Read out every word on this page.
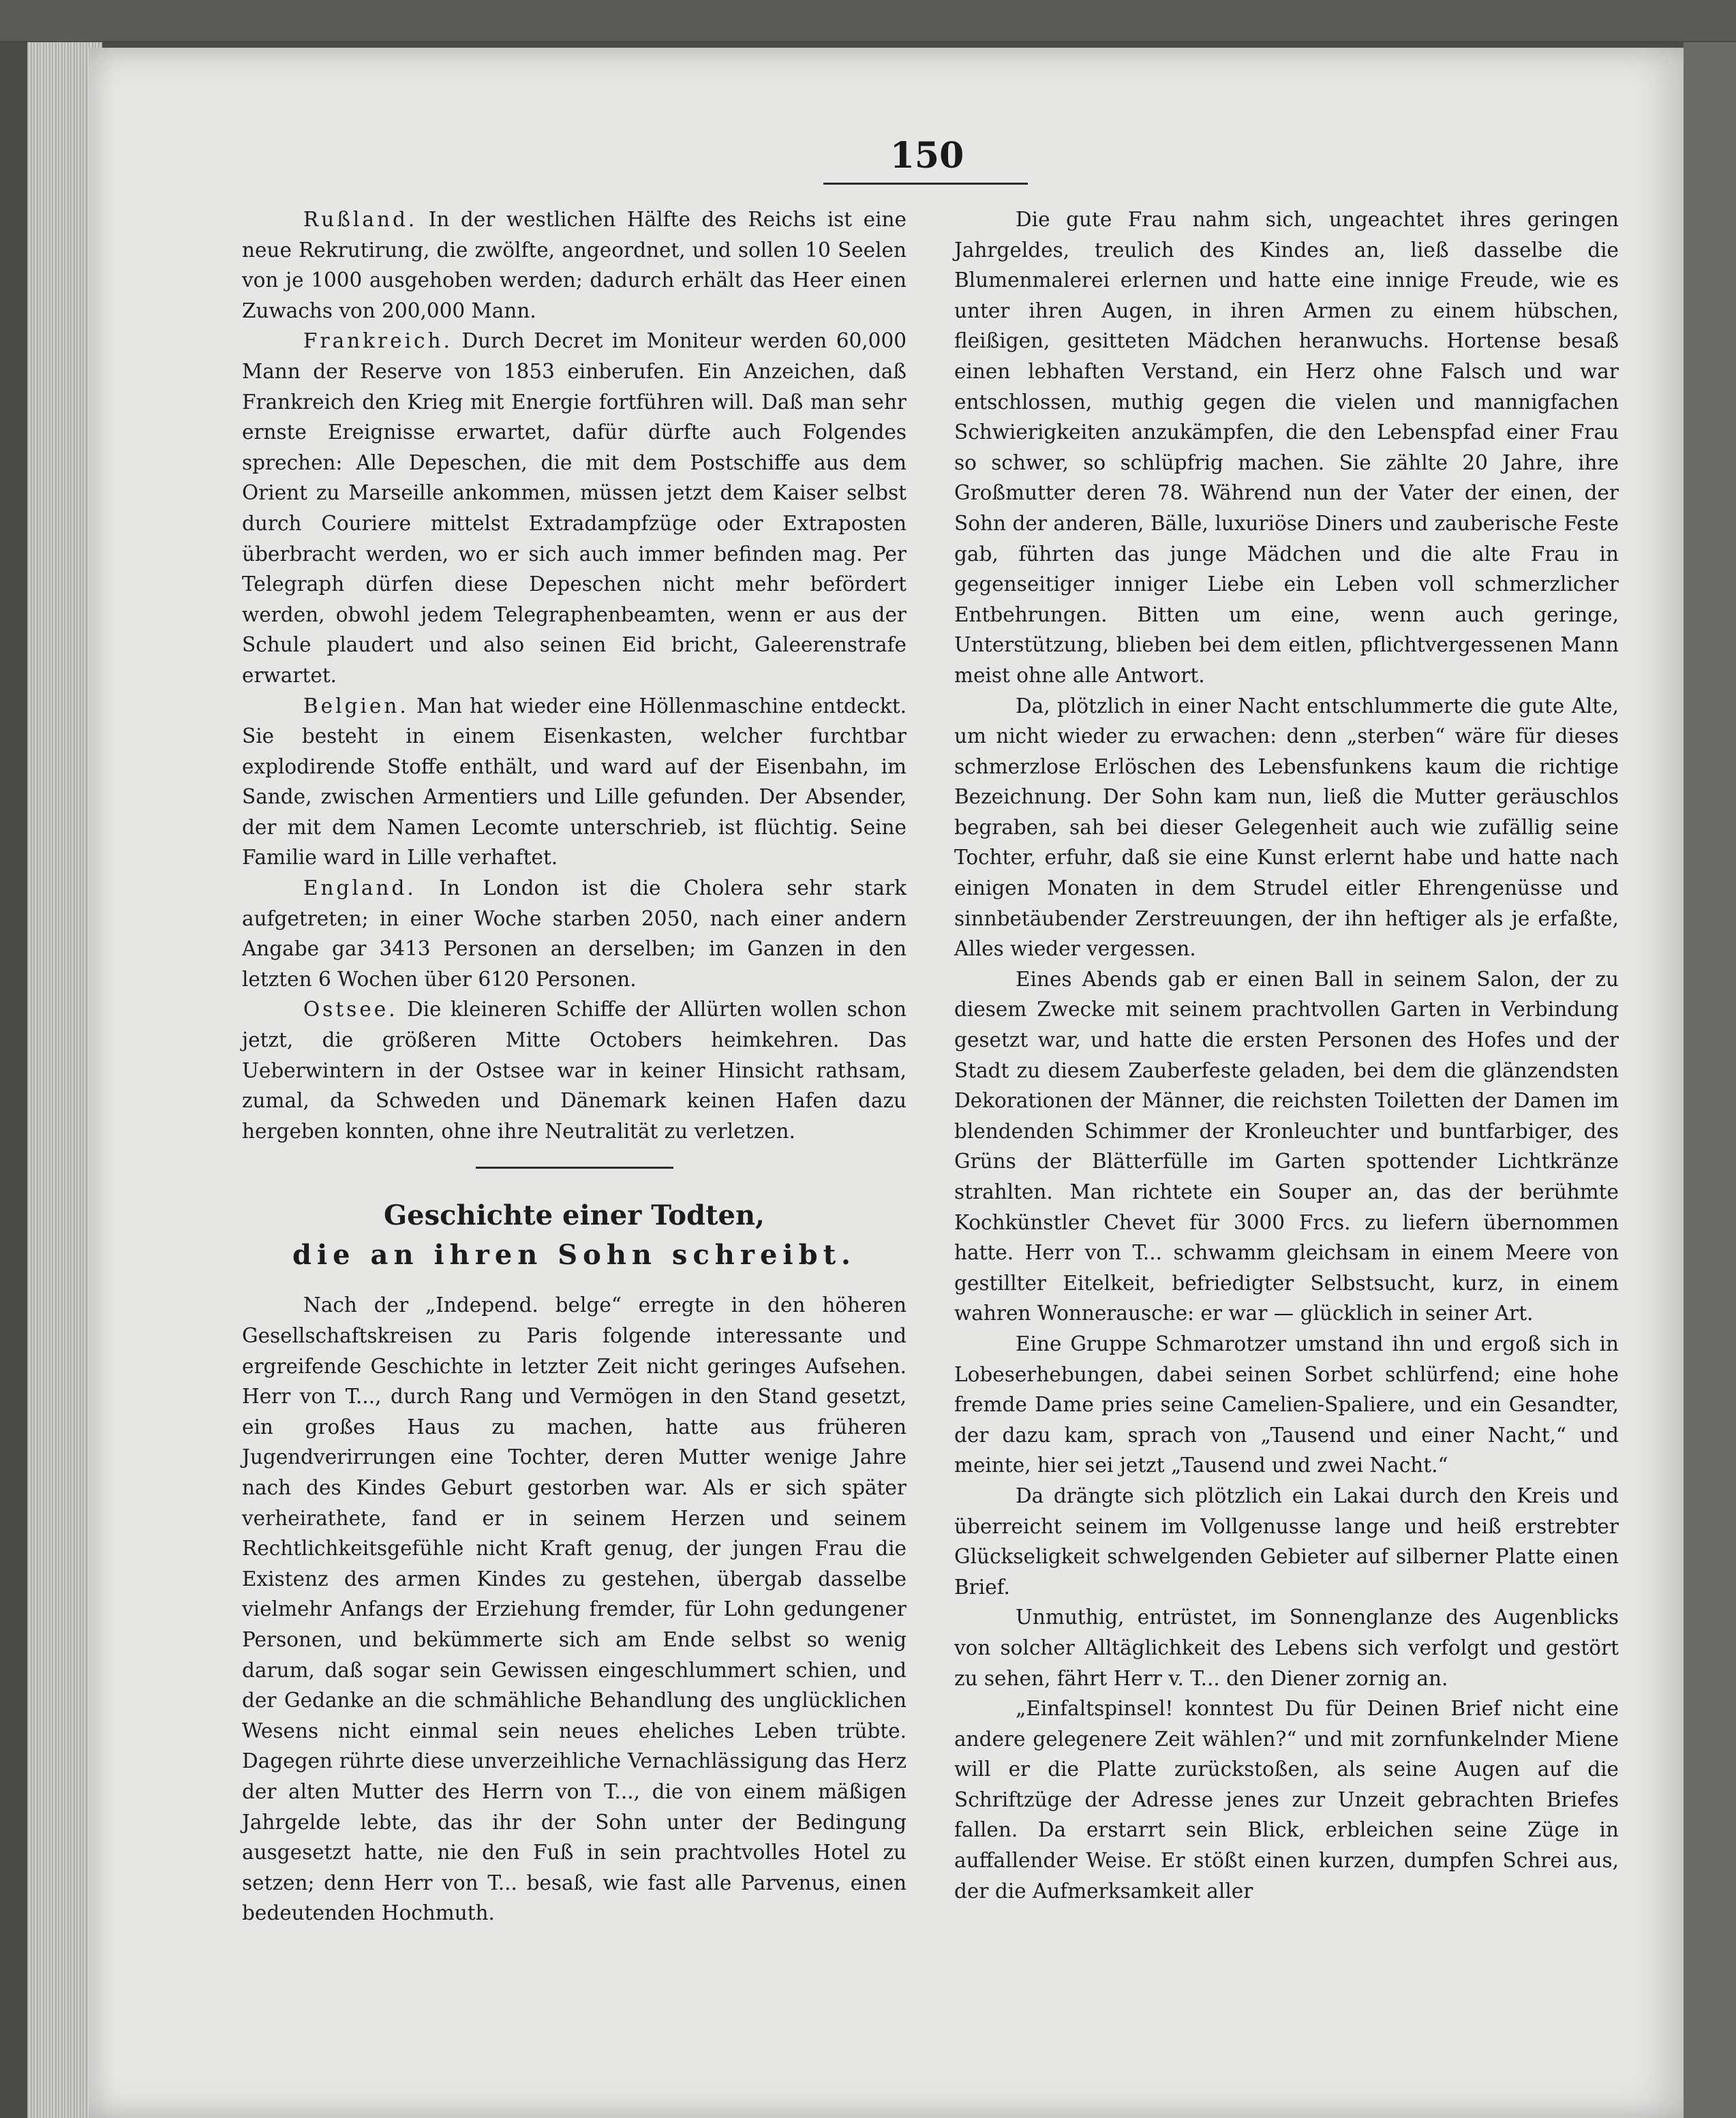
150

Rußland. In der westlichen Hälfte des Reichs ist eine neue Rekrutirung, die zwölfte, angeordnet, und sollen 10 Seelen von je 1000 ausgehoben werden; dadurch erhält das Heer einen Zuwachs von 200,000 Mann.

Frankreich. Durch Decret im Moniteur werden 60,000 Mann der Reserve von 1853 einberufen. Ein Anzeichen, daß Frankreich den Krieg mit Energie fortführen will. Daß man sehr ernste Ereignisse erwartet, dafür dürfte auch Folgendes sprechen: Alle Depeschen, die mit dem Postschiffe aus dem Orient zu Marseille ankommen, müssen jetzt dem Kaiser selbst durch Couriere mittelst Extradampfzüge oder Extraposten überbracht werden, wo er sich auch immer befinden mag. Per Telegraph dürfen diese Depeschen nicht mehr befördert werden, obwohl jedem Telegraphenbeamten, wenn er aus der Schule plaudert und also seinen Eid bricht, Galeerenstrafe erwartet.

Belgien. Man hat wieder eine Höllenmaschine entdeckt. Sie besteht in einem Eisenkasten, welcher furchtbar explodirende Stoffe enthält, und ward auf der Eisenbahn, im Sande, zwischen Armentiers und Lille gefunden. Der Absender, der mit dem Namen Lecomte unterschrieb, ist flüchtig. Seine Familie ward in Lille verhaftet.

England. In London ist die Cholera sehr stark aufgetreten; in einer Woche starben 2050, nach einer andern Angabe gar 3413 Personen an derselben; im Ganzen in den letzten 6 Wochen über 6120 Personen.

Ostsee. Die kleineren Schiffe der Allürten wollen schon jetzt, die größeren Mitte Octobers heimkehren. Das Ueberwintern in der Ostsee war in keiner Hinsicht rathsam, zumal, da Schweden und Dänemark keinen Hafen dazu hergeben konnten, ohne ihre Neutralität zu verletzen.

Geschichte einer Todten,

die an ihren Sohn schreibt.

Nach der „Independ. belge“ erregte in den höheren Gesellschaftskreisen zu Paris folgende interessante und ergreifende Geschichte in letzter Zeit nicht geringes Aufsehen. Herr von T..., durch Rang und Vermögen in den Stand gesetzt, ein großes Haus zu machen, hatte aus früheren Jugendverirrungen eine Tochter, deren Mutter wenige Jahre nach des Kindes Geburt gestorben war. Als er sich später verheirathete, fand er in seinem Herzen und seinem Rechtlichkeitsgefühle nicht Kraft genug, der jungen Frau die Existenz des armen Kindes zu gestehen, übergab dasselbe vielmehr Anfangs der Erziehung fremder, für Lohn gedungener Personen, und bekümmerte sich am Ende selbst so wenig darum, daß sogar sein Gewissen eingeschlummert schien, und der Gedanke an die schmähliche Behandlung des unglücklichen Wesens nicht einmal sein neues eheliches Leben trübte. Dagegen rührte diese unverzeihliche Vernachlässigung das Herz der alten Mutter des Herrn von T..., die von einem mäßigen Jahrgelde lebte, das ihr der Sohn unter der Bedingung ausgesetzt hatte, nie den Fuß in sein prachtvolles Hotel zu setzen; denn Herr von T... besaß, wie fast alle Parvenus, einen bedeutenden Hochmuth.

Die gute Frau nahm sich, ungeachtet ihres geringen Jahrgeldes, treulich des Kindes an, ließ dasselbe die Blumenmalerei erlernen und hatte eine innige Freude, wie es unter ihren Augen, in ihren Armen zu einem hübschen, fleißigen, gesitteten Mädchen heranwuchs. Hortense besaß einen lebhaften Verstand, ein Herz ohne Falsch und war entschlossen, muthig gegen die vielen und mannigfachen Schwierigkeiten anzukämpfen, die den Lebenspfad einer Frau so schwer, so schlüpfrig machen. Sie zählte 20 Jahre, ihre Großmutter deren 78. Während nun der Vater der einen, der Sohn der anderen, Bälle, luxuriöse Diners und zauberische Feste gab, führten das junge Mädchen und die alte Frau in gegenseitiger inniger Liebe ein Leben voll schmerzlicher Entbehrungen. Bitten um eine, wenn auch geringe, Unterstützung, blieben bei dem eitlen, pflichtvergessenen Mann meist ohne alle Antwort.

Da, plötzlich in einer Nacht entschlummerte die gute Alte, um nicht wieder zu erwachen: denn „sterben“ wäre für dieses schmerzlose Erlöschen des Lebensfunkens kaum die richtige Bezeichnung. Der Sohn kam nun, ließ die Mutter geräuschlos begraben, sah bei dieser Gelegenheit auch wie zufällig seine Tochter, erfuhr, daß sie eine Kunst erlernt habe und hatte nach einigen Monaten in dem Strudel eitler Ehrengenüsse und sinnbetäubender Zerstreuungen, der ihn heftiger als je erfaßte, Alles wieder vergessen.

Eines Abends gab er einen Ball in seinem Salon, der zu diesem Zwecke mit seinem prachtvollen Garten in Verbindung gesetzt war, und hatte die ersten Personen des Hofes und der Stadt zu diesem Zauberfeste geladen, bei dem die glänzendsten Dekorationen der Männer, die reichsten Toiletten der Damen im blendenden Schimmer der Kronleuchter und buntfarbiger, des Grüns der Blätterfülle im Garten spottender Lichtkränze strahlten. Man richtete ein Souper an, das der berühmte Kochkünstler Chevet für 3000 Frcs. zu liefern übernommen hatte. Herr von T... schwamm gleichsam in einem Meere von gestillter Eitelkeit, befriedigter Selbstsucht, kurz, in einem wahren Wonnerausche: er war — glücklich in seiner Art.

Eine Gruppe Schmarotzer umstand ihn und ergoß sich in Lobeserhebungen, dabei seinen Sorbet schlürfend; eine hohe fremde Dame pries seine Camelien-Spaliere, und ein Gesandter, der dazu kam, sprach von „Tausend und einer Nacht,“ und meinte, hier sei jetzt „Tausend und zwei Nacht.“

Da drängte sich plötzlich ein Lakai durch den Kreis und überreicht seinem im Vollgenusse lange und heiß erstrebter Glückseligkeit schwelgenden Gebieter auf silberner Platte einen Brief.

Unmuthig, entrüstet, im Sonnenglanze des Augenblicks von solcher Alltäglichkeit des Lebens sich verfolgt und gestört zu sehen, fährt Herr v. T... den Diener zornig an.

„Einfaltspinsel! konntest Du für Deinen Brief nicht eine andere gelegenere Zeit wählen?“ und mit zornfunkelnder Miene will er die Platte zurückstoßen, als seine Augen auf die Schriftzüge der Adresse jenes zur Unzeit gebrachten Briefes fallen. Da erstarrt sein Blick, erbleichen seine Züge in auffallender Weise. Er stößt einen kurzen, dumpfen Schrei aus, der die Aufmerksamkeit aller
